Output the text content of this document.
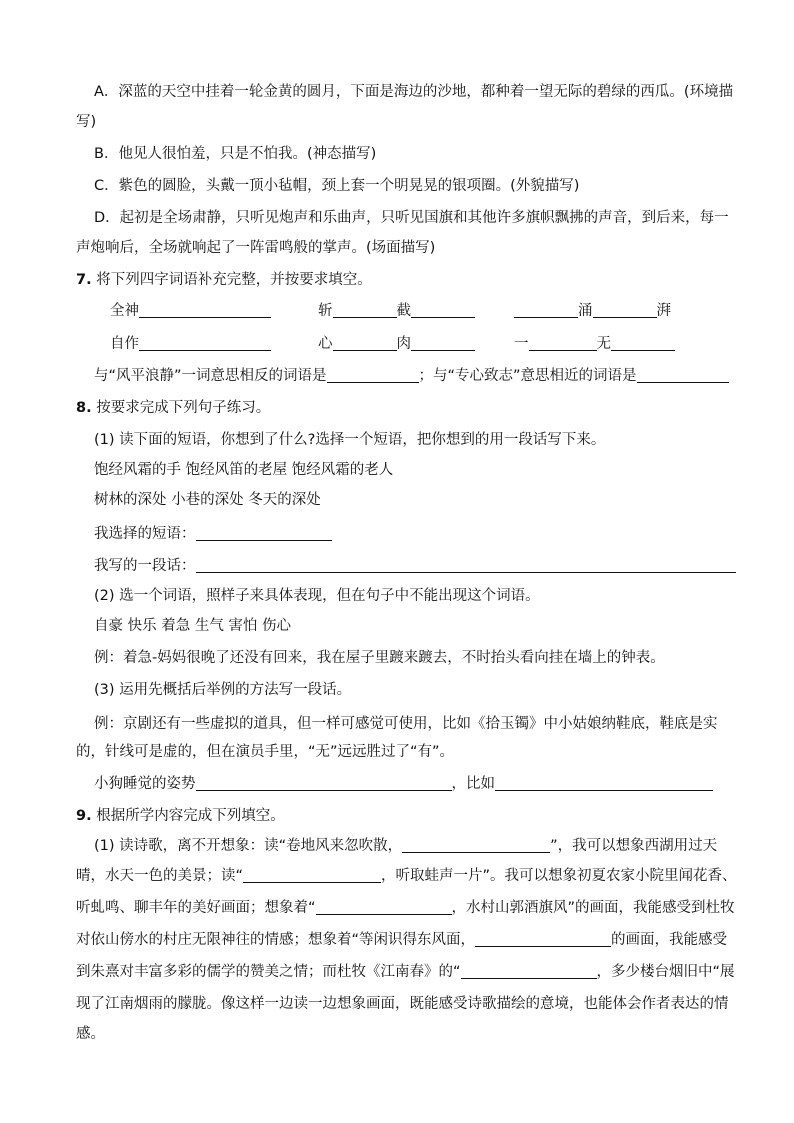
A．深蓝的天空中挂着一轮金黄的圆月，下面是海边的沙地，都种着一望无际的碧绿的西瓜。(环境描
写)
B．他见人很怕羞，只是不怕我。(神态描写)
C．紫色的圆脸，头戴一顶小毡帽，颈上套一个明晃晃的银项圈。(外貌描写)
D．起初是全场肃静，只听见炮声和乐曲声，只听见国旗和其他许多旗帜飘拂的声音，到后来，每一
声炮响后，全场就响起了一阵雷鸣般的掌声。(场面描写)
7. 将下列四字词语补充完整，并按要求填空。
全神	斩	截	涌	湃
自作	心	肉	一	无
与“风平浪静”一词意思相反的词语是	；与“专心致志”意思相近的词语是
8. 按要求完成下列句子练习。
(1) 读下面的短语，你想到了什么?选择一个短语，把你想到的用一段话写下来。
饱经风霜的手 饱经风笛的老屋 饱经风霜的老人
树林的深处 小巷的深处 冬天的深处
我选择的短语：
我写的一段话：
(2) 选一个词语，照样子来具体表现，但在句子中不能出现这个词语。
自豪 快乐 着急 生气 害怕 伤心
例：着急-妈妈很晚了还没有回来，我在屋子里踱来踱去，不时抬头看向挂在墙上的钟表。
(3) 运用先概括后举例的方法写一段话。
例：京剧还有一些虚拟的道具，但一样可感觉可使用，比如《拾玉镯》中小姑娘纳鞋底，鞋底是实
的，针线可是虚的，但在演员手里，“无”远远胜过了“有”。
小狗睡觉的姿势	，比如
9. 根据所学内容完成下列填空。
(1) 读诗歌，离不开想象：读“卷地风来忽吹散，	”，我可以想象西湖用过天
晴，水天一色的美景；读“	，听取蛙声一片”。我可以想象初夏农家小院里闻花香、
听虬鸣、聊丰年的美好画面；想象着“	，水村山郭酒旗风”的画面，我能感受到杜牧
对依山傍水的村庄无限神往的情感；想象着“等闲识得东风面，	的画面，我能感受
到朱熹对丰富多彩的儒学的赞美之情；而杜牧《江南春》的“	，多少楼台烟旧中“展
现了江南烟雨的朦胧。像这样一边读一边想象画面，既能感受诗歌描绘的意境，也能体会作者表达的情
感。
